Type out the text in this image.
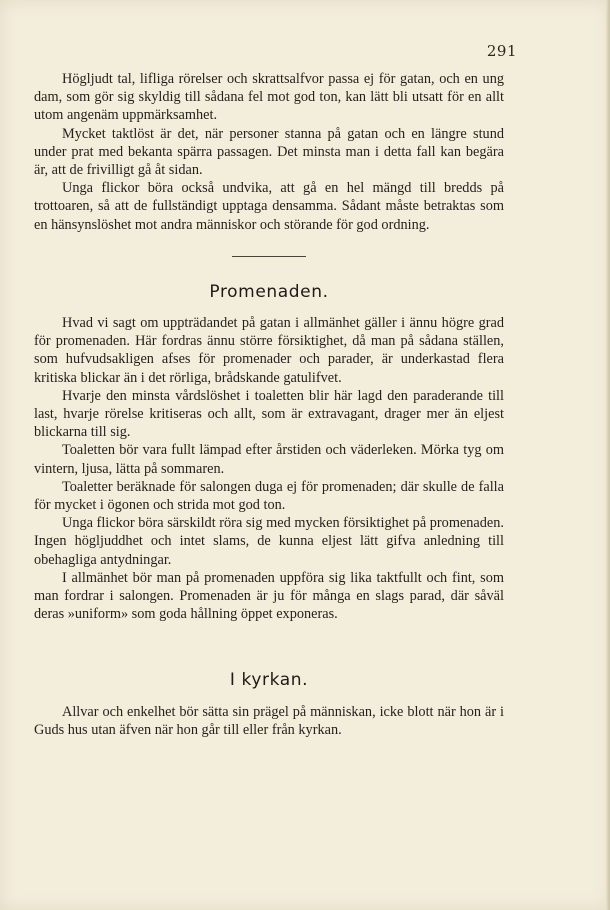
291

Högljudt tal, lifliga rörelser och skrattsalfvor passa ej för gatan, och en ung dam, som gör sig skyldig till sådana fel mot god ton, kan lätt bli utsatt för en allt utom angenäm uppmärksamhet.

Mycket taktlöst är det, när personer stanna på gatan och en längre stund under prat med bekanta spärra passagen. Det minsta man i detta fall kan begära är, att de frivilligt gå åt sidan.

Unga flickor böra också undvika, att gå en hel mängd till bredds på trottoaren, så att de fullständigt upptaga densamma. Sådant måste betraktas som en hänsynslöshet mot andra människor och störande för god ordning.

Promenaden.

Hvad vi sagt om uppträdandet på gatan i allmänhet gäller i ännu högre grad för promenaden. Här fordras ännu större försiktighet, då man på sådana ställen, som hufvudsakligen afses för promenader och parader, är underkastad flera kritiska blickar än i det rörliga, brådskande gatulifvet.

Hvarje den minsta vårdslöshet i toaletten blir här lagd den paraderande till last, hvarje rörelse kritiseras och allt, som är extravagant, drager mer än eljest blickarna till sig.

Toaletten bör vara fullt lämpad efter årstiden och väderleken. Mörka tyg om vintern, ljusa, lätta på sommaren.

Toaletter beräknade för salongen duga ej för promenaden; där skulle de falla för mycket i ögonen och strida mot god ton.

Unga flickor böra särskildt röra sig med mycken försiktighet på promenaden. Ingen högljuddhet och intet slams, de kunna eljest lätt gifva anledning till obehagliga antydningar.

I allmänhet bör man på promenaden uppföra sig lika taktfullt och fint, som man fordrar i salongen. Promenaden är ju för många en slags parad, där såväl deras »uniform» som goda hållning öppet exponeras.

I kyrkan.

Allvar och enkelhet bör sätta sin prägel på människan, icke blott när hon är i Guds hus utan äfven när hon går till eller från kyrkan.
